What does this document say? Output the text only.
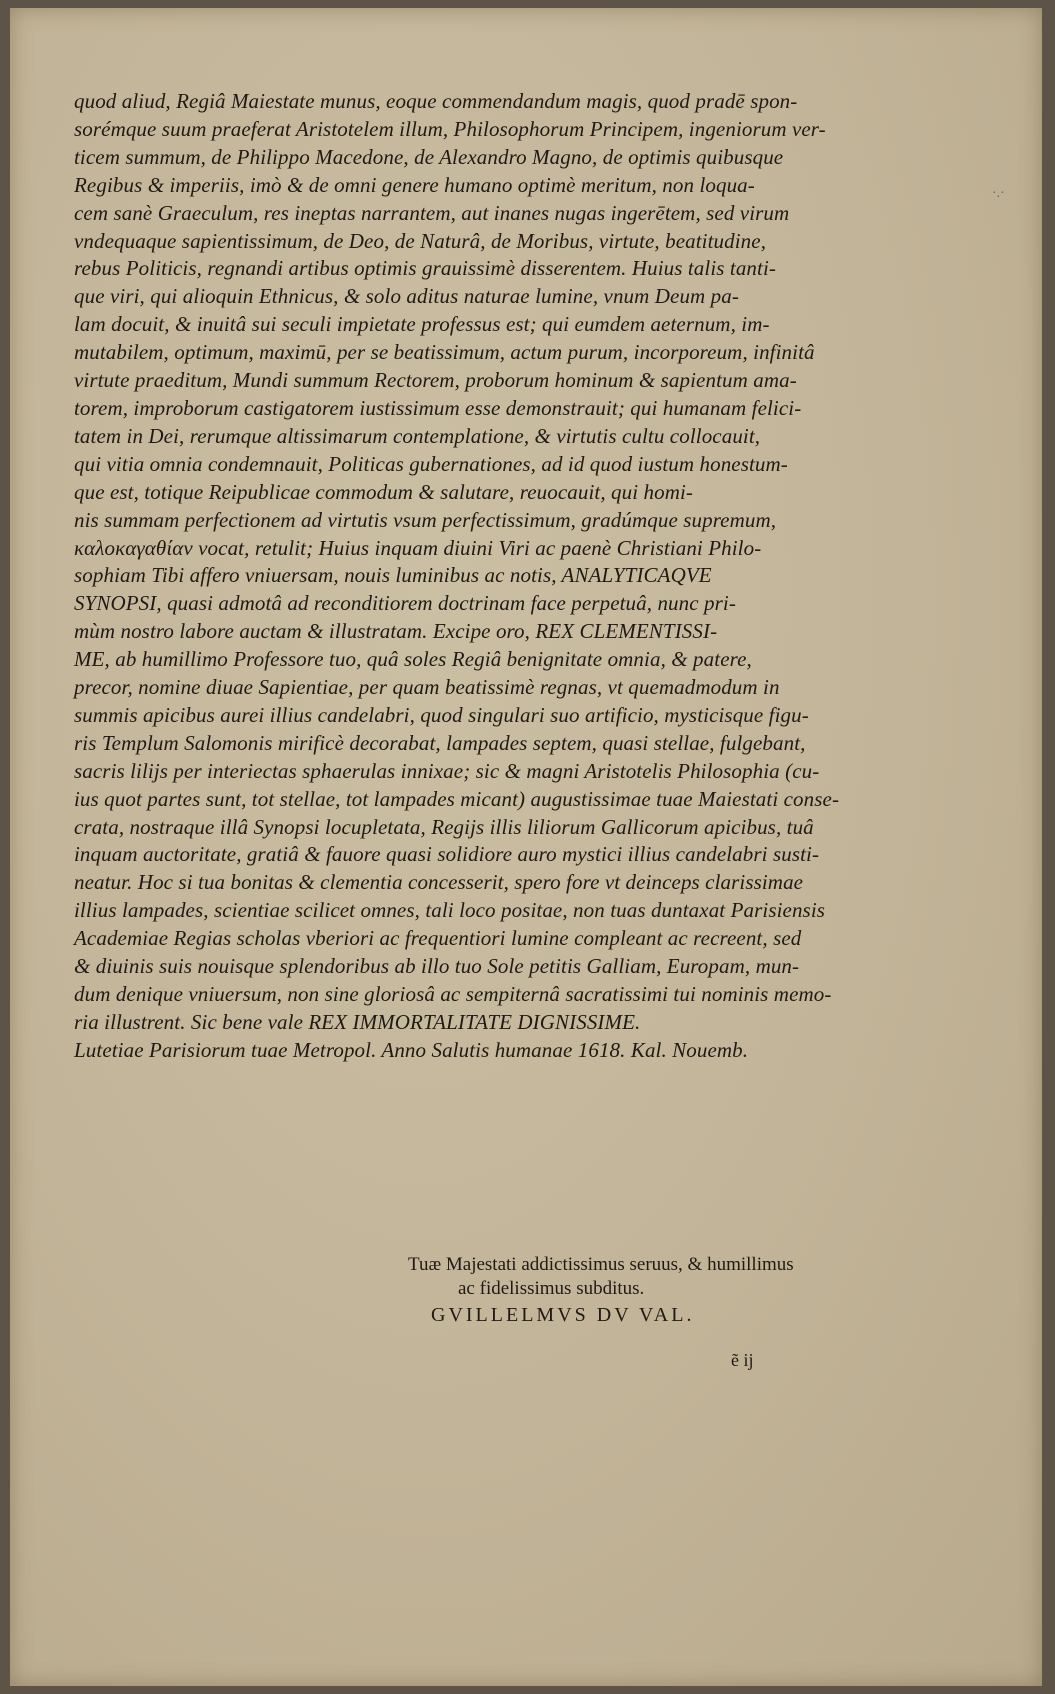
quod aliud, Regiâ Maiestate munus, eoque commendandum magis, quod pradē spon-
sorémque suum praeferat Aristotelem illum, Philosophorum Principem, ingeniorum ver-
ticem summum, de Philippo Macedone, de Alexandro Magno, de optimis quibusque
Regibus & imperiis, imò & de omni genere humano optimè meritum, non loqua-
cem sanè Graeculum, res ineptas narrantem, aut inanes nugas ingerētem, sed virum
vndequaque sapientissimum, de Deo, de Naturâ, de Moribus, virtute, beatitudine,
rebus Politicis, regnandi artibus optimis grauissimè disserentem. Huius talis tanti-
que viri, qui alioquin Ethnicus, & solo aditus naturae lumine, vnum Deum pa-
lam docuit, & inuitâ sui seculi impietate professus est; qui eumdem aeternum, im-
mutabilem, optimum, maximū, per se beatissimum, actum purum, incorporeum, infinitâ
virtute praeditum, Mundi summum Rectorem, proborum hominum & sapientum ama-
torem, improborum castigatorem iustissimum esse demonstrauit; qui humanam felici-
tatem in Dei, rerumque altissimarum contemplatione, & virtutis cultu collocauit,
qui vitia omnia condemnauit, Politicas gubernationes, ad id quod iustum honestum-
que est, totique Reipublicae commodum & salutare, reuocauit, qui homi-
nis summam perfectionem ad virtutis vsum perfectissimum, gradúmque supremum,
καλοκαγαθίαν vocat, retulit; Huius inquam diuini Viri ac paenè Christiani Philo-
sophiam Tibi affero vniuersam, nouis luminibus ac notis, ANALYTICAQVE
SYNOPSI, quasi admotâ ad reconditiorem doctrinam face perpetuâ, nunc pri-
mùm nostro labore auctam & illustratam. Excipe oro, REX CLEMENTISSI-
ME, ab humillimo Professore tuo, quâ soles Regiâ benignitate omnia, & patere,
precor, nomine diuae Sapientiae, per quam beatissimè regnas, vt quemadmodum in
summis apicibus aurei illius candelabri, quod singulari suo artificio, mysticisque figu-
ris Templum Salomonis mirificè decorabat, lampades septem, quasi stellae, fulgebant,
sacris lilijs per interiectas sphaerulas innixae; sic & magni Aristotelis Philosophia (cu-
ius quot partes sunt, tot stellae, tot lampades micant) augustissimae tuae Maiestati conse-
crata, nostraque illâ Synopsi locupletata, Regijs illis liliorum Gallicorum apicibus, tuâ
inquam auctoritate, gratiâ & fauore quasi solidiore auro mystici illius candelabri susti-
neatur. Hoc si tua bonitas & clementia concesserit, spero fore vt deinceps clarissimae
illius lampades, scientiae scilicet omnes, tali loco positae, non tuas duntaxat Parisiensis
Academiae Regias scholas vberiori ac frequentiori lumine compleant ac recreent, sed
& diuinis suis nouisque splendoribus ab illo tuo Sole petitis Galliam, Europam, mun-
dum denique vniuersum, non sine gloriosâ ac sempiternâ sacratissimi tui nominis memo-
ria illustrent. Sic bene vale REX IMMORTALITATE DIGNISSIME.
Lutetiae Parisiorum tuae Metropol. Anno Salutis humanae 1618. Kal. Nouemb.
Tuæ Majestati addictissimus seruus, & humillimus
ac fidelissimus subditus.
GVILLELMVS DV VAL.
ẽ ij
·.·
